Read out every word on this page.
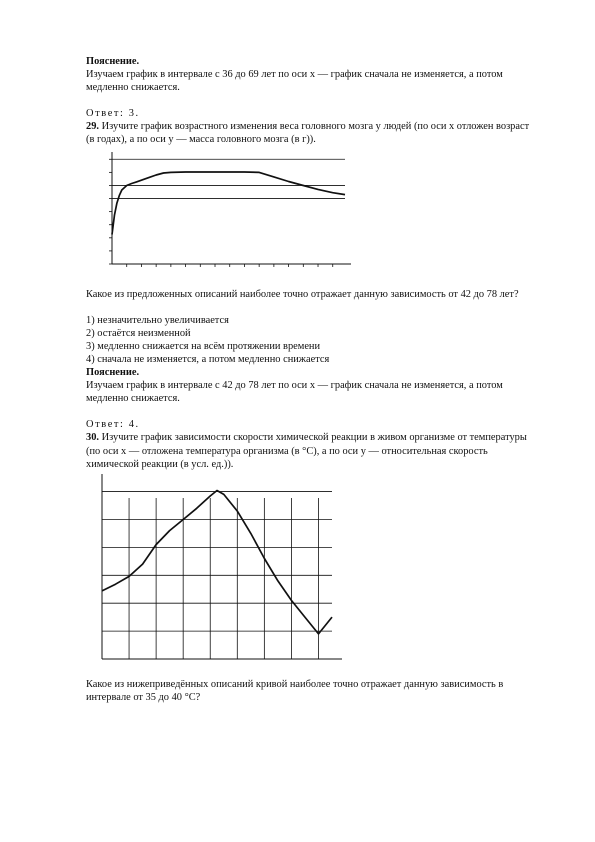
Пояснение.

Изучаем график в интервале с 36 до 69 лет по оси x — график сначала не изменяется, а потом медленно снижается.

Ответ: 3.

29. Изучите график возрастного изменения веса головного мозга у людей (по оси x отложен возраст (в годах), а по оси y — масса головного мозга (в г)).

Какое из предложенных описаний наиболее точно отражает данную зависимость от 42 до 78 лет?

1) незначительно увеличивается

2) остаётся неизменной

3) медленно снижается на всём протяжении времени

4) сначала не изменяется, а потом медленно снижается

Пояснение.

Изучаем график в интервале с 42 до 78 лет по оси x — график сначала не изменяется, а потом медленно снижается.

Ответ: 4.

30. Изучите график зависимости скорости химической реакции в живом организме от температуры (по оси x — отложена температура организма (в °С), а по оси y — относительная скорость химической реакции (в усл. ед.)).

Какое из нижеприведённых описаний кривой наиболее точно отражает данную зависимость в интервале от 35 до 40 °С?
